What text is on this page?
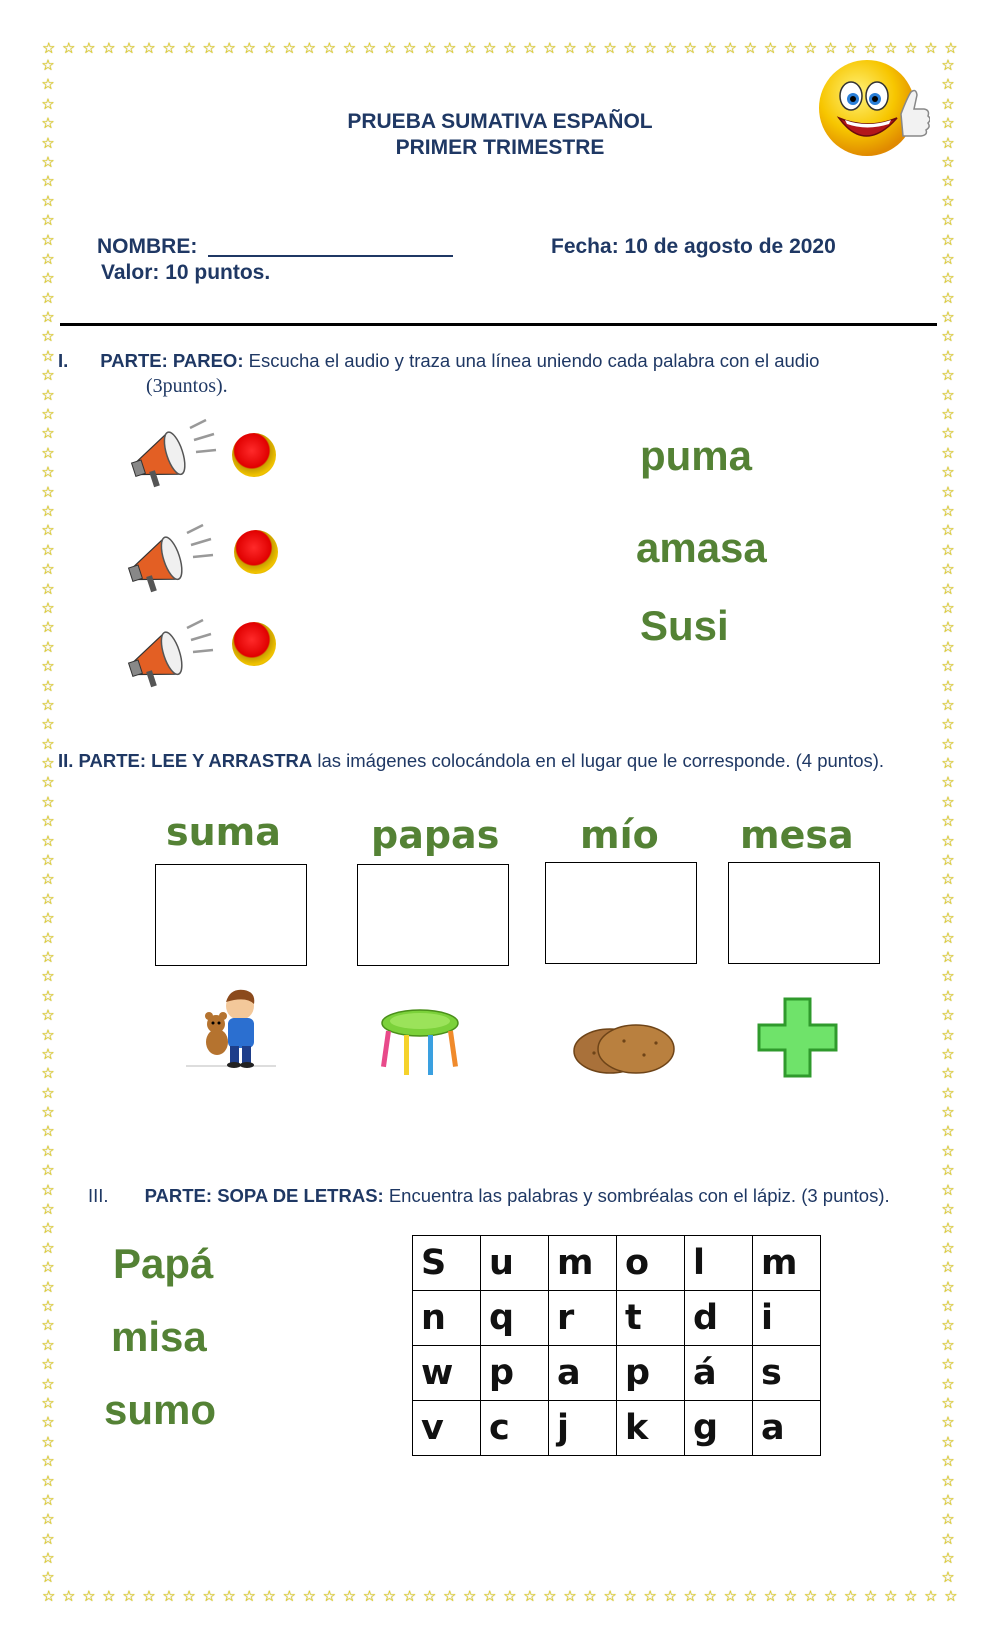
☆ ☆ ☆ ☆ ☆ ☆ ☆ ☆ ☆ ☆ ☆ ☆ ☆ ☆ ☆ ☆ ☆ ☆ ☆ ☆ ☆ ☆ ☆ ☆ ☆ ☆ ☆ ☆ ☆ ☆ ☆ ☆ ☆ ☆ ☆ ☆ ☆ ☆ ☆ ☆ ☆ ☆ ☆ ☆ ☆ ☆
☆ ☆ ☆ ☆ ☆ ☆ ☆ ☆ ☆ ☆ ☆ ☆ ☆ ☆ ☆ ☆ ☆ ☆ ☆ ☆ ☆ ☆ ☆ ☆ ☆ ☆ ☆ ☆ ☆ ☆ ☆ ☆ ☆ ☆ ☆ ☆ ☆ ☆ ☆ ☆ ☆ ☆ ☆ ☆ ☆ ☆
☆
☆
☆
☆
☆
☆
☆
☆
☆
☆
☆
☆
☆
☆
☆
☆
☆
☆
☆
☆
☆
☆
☆
☆
☆
☆
☆
☆
☆
☆
☆
☆
☆
☆
☆
☆
☆
☆
☆
☆
☆
☆
☆
☆
☆
☆
☆
☆
☆
☆
☆
☆
☆
☆
☆
☆
☆
☆
☆
☆
☆
☆
☆
☆
☆
☆
☆
☆
☆
☆
☆
☆
☆
☆
☆
☆
☆
☆
☆
☆
☆
☆
☆
☆
☆
☆
☆
☆
☆
☆
☆
☆
☆
☆
☆
☆
☆
☆
☆
☆
☆
☆
☆
☆
☆
☆
☆
☆
☆
☆
☆
☆
☆
☆
☆
☆
☆
☆
☆
☆
☆
☆
☆
☆
☆
☆
☆
☆
☆
☆
☆
☆
☆
☆
☆
☆
☆
☆
☆
☆
☆
☆
☆
☆
☆
☆
☆
☆
☆
☆
☆
☆
☆
☆
☆
☆
☆
☆
PRUEBA SUMATIVA ESPAÑOL
PRIMER TRIMESTRE
NOMBRE:
Valor: 10 puntos.
Fecha: 10 de agosto de 2020
I. PARTE: PAREO: Escucha el audio y traza una línea uniendo cada palabra con el audio
(3puntos).
puma
amasa
Susi
II. PARTE: LEE Y ARRASTRA las imágenes colocándola en el lugar que le corresponde. (4 puntos).
suma papas mío mesa
III. PARTE: SOPA DE LETRAS: Encuentra las palabras y sombréalas con el lápiz. (3 puntos).
Papá
misa
sumo
S	u	m	o	l	m
n	q	r	t	d	i
w	p	a	p	á	s
v	c	j	k	g	a
